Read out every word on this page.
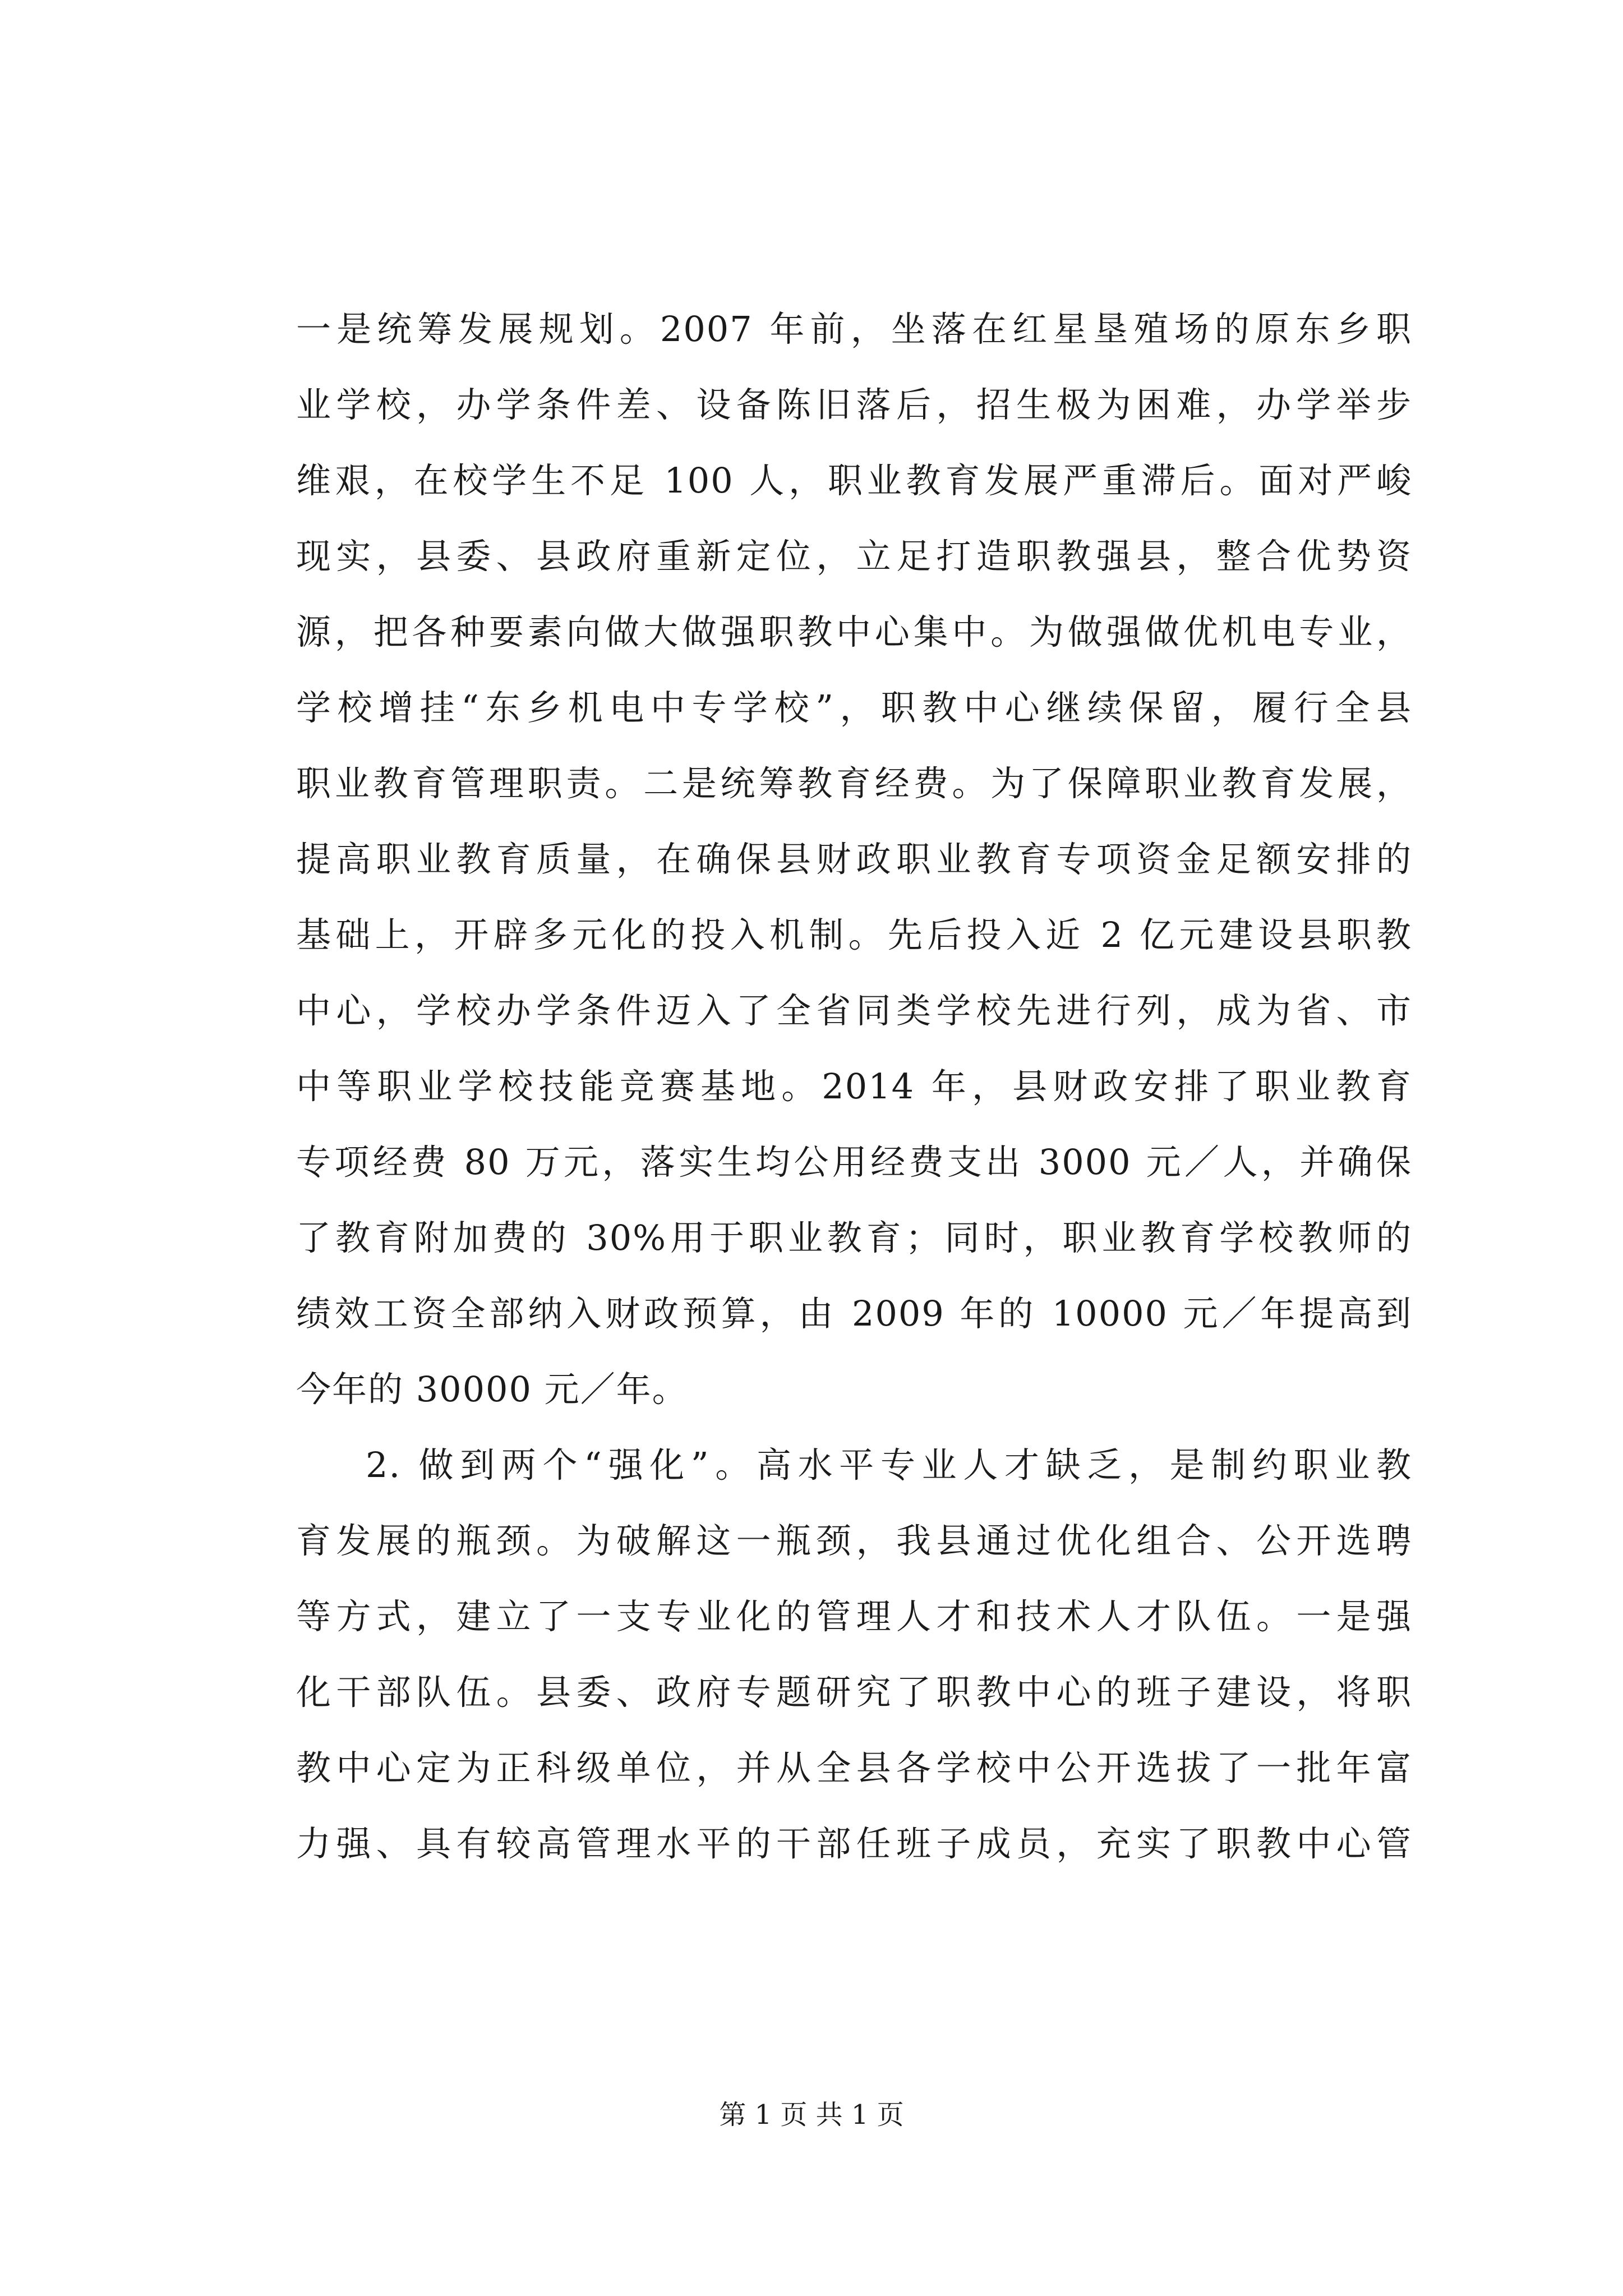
一是统筹发展规划。2007 年前，坐落在红星垦殖场的原东乡职
业学校，办学条件差、设备陈旧落后，招生极为困难，办学举步
维艰，在校学生不足 100 人，职业教育发展严重滞后。面对严峻
现实，县委、县政府重新定位，立足打造职教强县，整合优势资
源，把各种要素向做大做强职教中心集中。为做强做优机电专业，
学校增挂“东乡机电中专学校”，职教中心继续保留，履行全县
职业教育管理职责。二是统筹教育经费。为了保障职业教育发展，
提高职业教育质量，在确保县财政职业教育专项资金足额安排的
基础上，开辟多元化的投入机制。先后投入近 2 亿元建设县职教
中心，学校办学条件迈入了全省同类学校先进行列，成为省、市
中等职业学校技能竞赛基地。2014 年，县财政安排了职业教育
专项经费 80 万元，落实生均公用经费支出 3000 元／人，并确保
了教育附加费的 30%用于职业教育；同时，职业教育学校教师的
绩效工资全部纳入财政预算，由 2009 年的 10000 元／年提高到
今年的 30000 元／年。
2. 做到两个“强化”。高水平专业人才缺乏，是制约职业教
育发展的瓶颈。为破解这一瓶颈，我县通过优化组合、公开选聘
等方式，建立了一支专业化的管理人才和技术人才队伍。一是强
化干部队伍。县委、政府专题研究了职教中心的班子建设，将职
教中心定为正科级单位，并从全县各学校中公开选拔了一批年富
力强、具有较高管理水平的干部任班子成员，充实了职教中心管
第 1 页 共 1 页
